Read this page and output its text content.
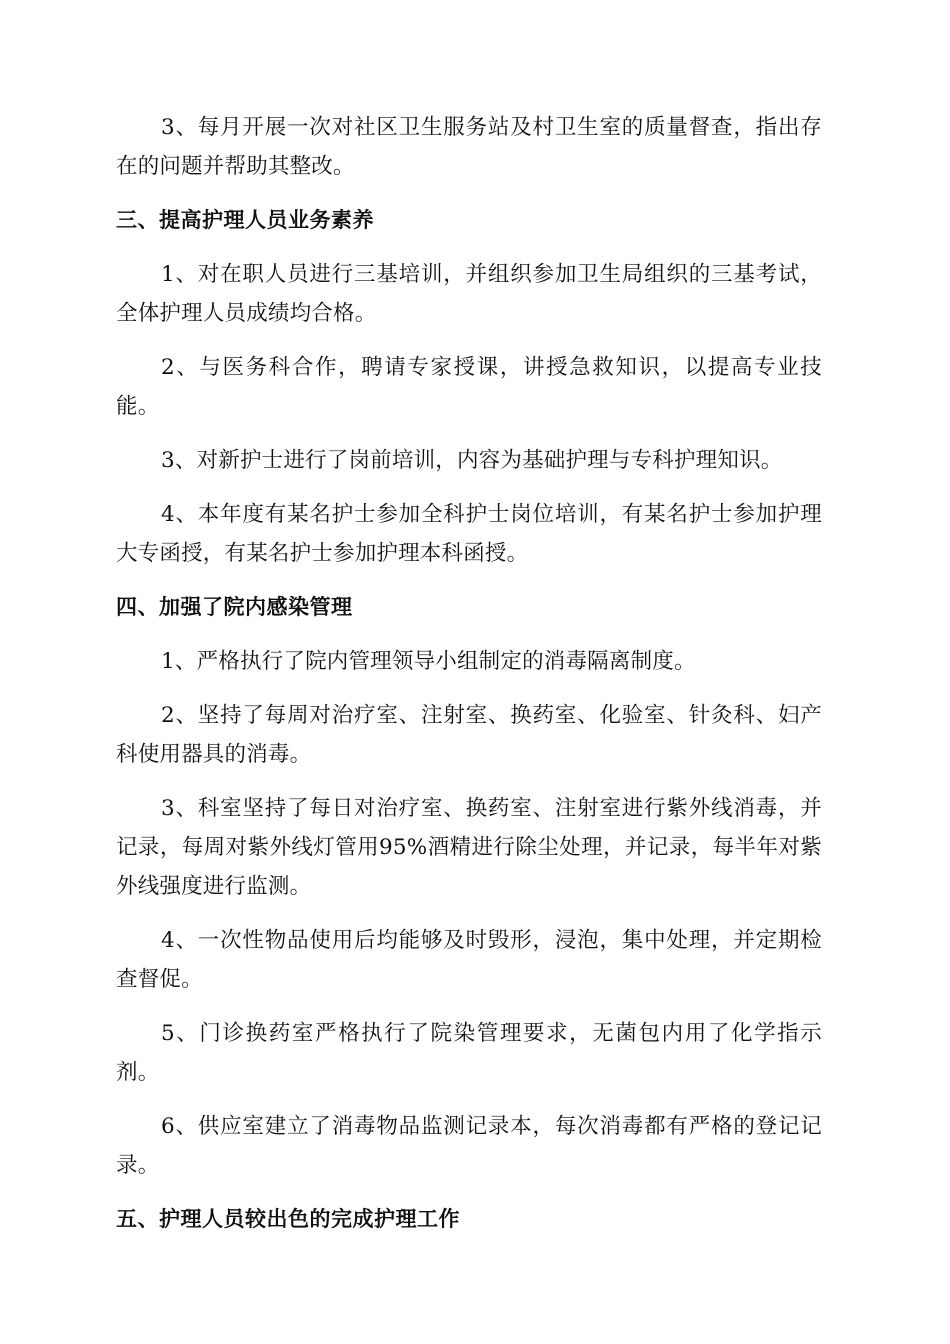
3、每月开展一次对社区卫生服务站及村卫生室的质量督查，指出存在的问题并帮助其整改。

三、提高护理人员业务素养

1、对在职人员进行三基培训，并组织参加卫生局组织的三基考试，全体护理人员成绩均合格。

2、与医务科合作，聘请专家授课，讲授急救知识，以提高专业技能。

3、对新护士进行了岗前培训，内容为基础护理与专科护理知识。

4、本年度有某名护士参加全科护士岗位培训，有某名护士参加护理大专函授，有某名护士参加护理本科函授。

四、加强了院内感染管理

1、严格执行了院内管理领导小组制定的消毒隔离制度。

2、坚持了每周对治疗室、注射室、换药室、化验室、针灸科、妇产科使用器具的消毒。

3、科室坚持了每日对治疗室、换药室、注射室进行紫外线消毒，并记录，每周对紫外线灯管用95%酒精进行除尘处理，并记录，每半年对紫外线强度进行监测。

4、一次性物品使用后均能够及时毁形，浸泡，集中处理，并定期检查督促。

5、门诊换药室严格执行了院染管理要求，无菌包内用了化学指示剂。

6、供应室建立了消毒物品监测记录本，每次消毒都有严格的登记记录。

五、护理人员较出色的完成护理工作
